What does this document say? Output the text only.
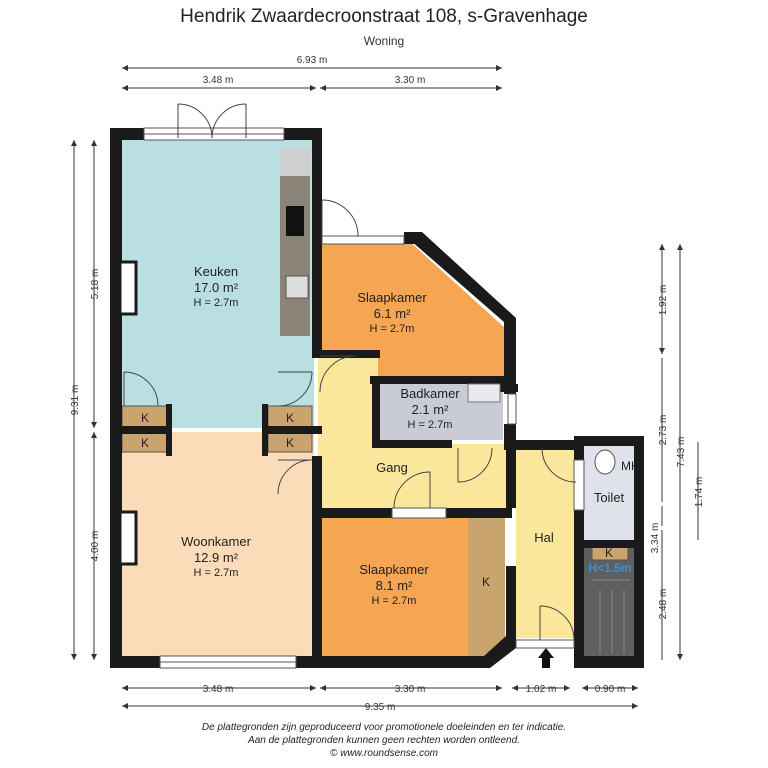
Hendrik Zwaardecroonstraat 108, s-Gravenhage
Woning
Keuken
17.0 m²
H = 2.7m	Slaapkamer
6.1 m²
H = 2.7m
Badkamer
2.1 m²
H = 2.7m
Gang
Woonkamer
12.9 m²
H = 2.7m	Slaapkamer
8.1 m²
H = 2.7m
Hal
Toilet
MK
K
K
K
K
K
K
H<1.5m
6.93 m
3.48 m	3.30 m
3.48 m	3.30 m	1.02 m	0.90 m
9.35 m
9.31 m
5.18 m
4.00 m
1.92 m
2.73 m
7.43 m
1.74 m
3.34 m
2.48 m
De plattegronden zijn geproduceerd voor promotionele doeleinden en ter indicatie.
Aan de plattegronden kunnen geen rechten worden ontleend.
© www.roundsense.com
